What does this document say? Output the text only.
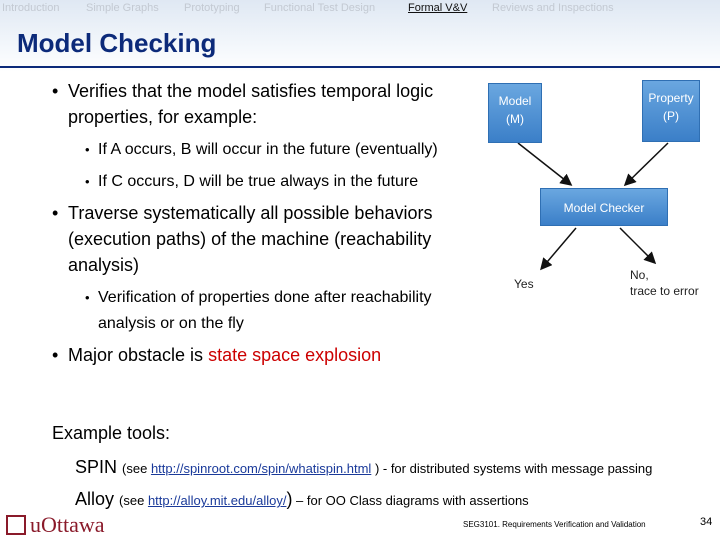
Introduction Simple Graphs Prototyping Functional Test Design	Formal V&V Reviews and Inspections
Model Checking
• Verifies that the model satisfies temporal logic properties, for example:
• If A occurs, B will occur in the future (eventually)
• If C occurs, D will be true always in the future
• Traverse systematically all possible behaviors (execution paths) of the machine (reachability analysis)
• Verification of properties done after reachability analysis or on the fly
• Major obstacle is state space explosion
Model
(M)
Property
(P)
Model Checker
Yes
No,
trace to error
Example tools:
SPIN (see http://spinroot.com/spin/whatispin.html ) - for distributed systems with message passing
Alloy (see http://alloy.mit.edu/alloy/) – for OO Class diagrams with assertions
uOttawa	SEG3101. Requirements Verification and Validation	34
